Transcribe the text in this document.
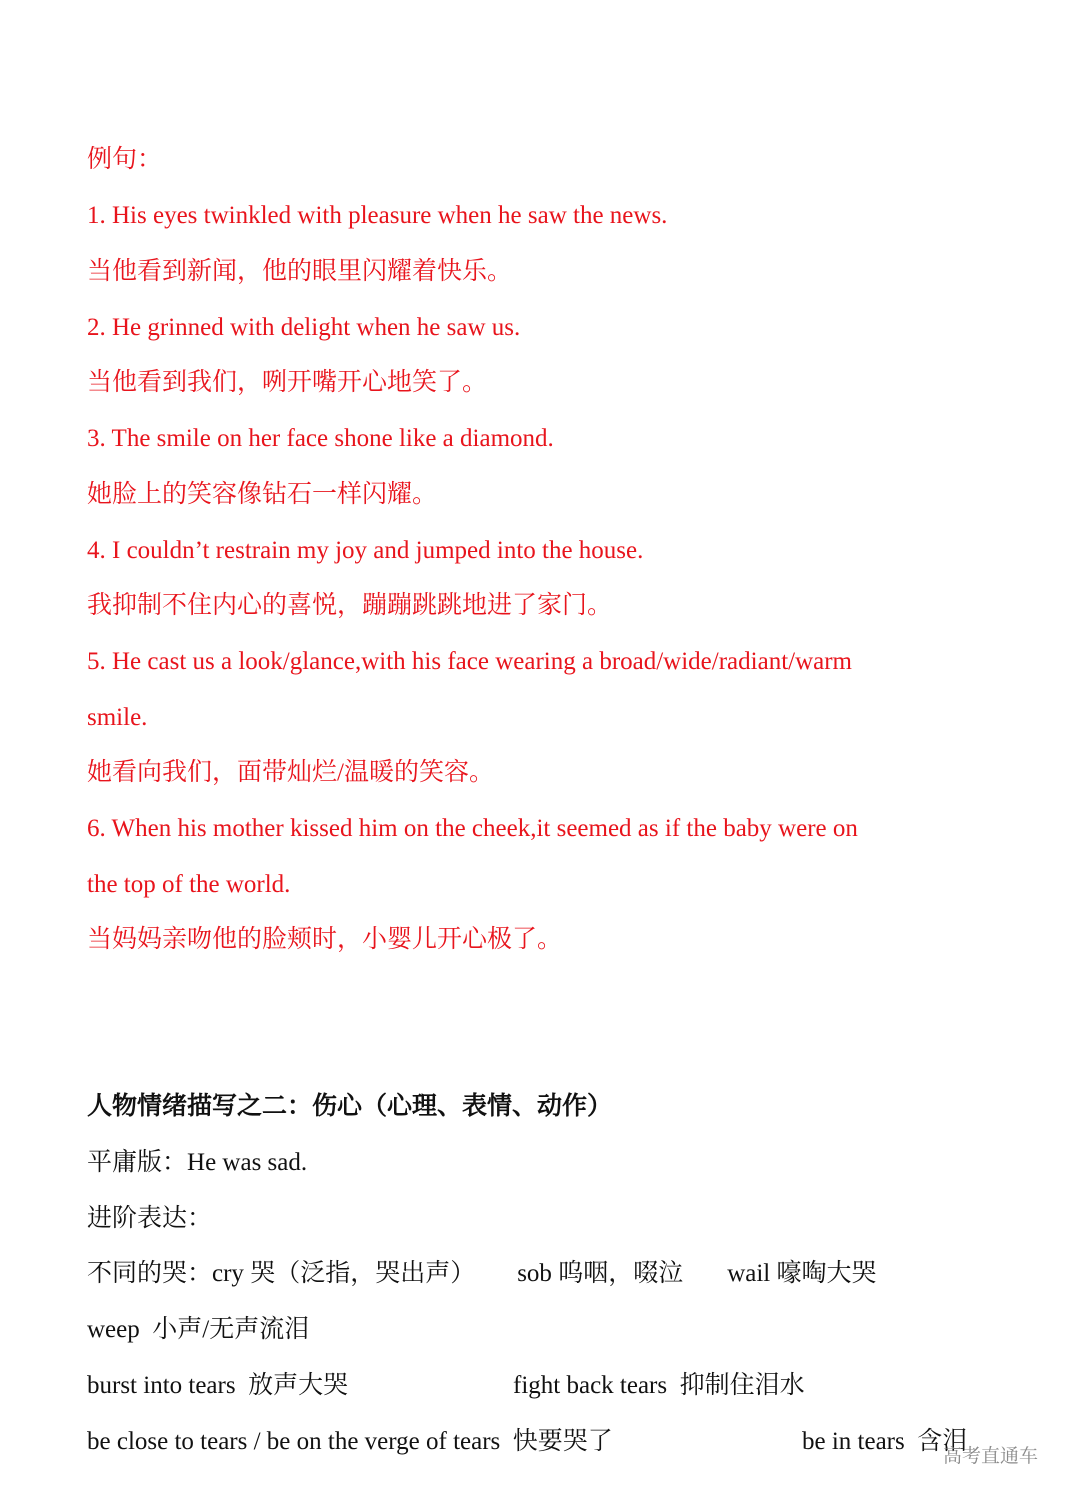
例句：
1. His eyes twinkled with pleasure when he saw the news.
当他看到新闻，他的眼里闪耀着快乐。
2. He grinned with delight when he saw us.
当他看到我们，咧开嘴开心地笑了。
3. The smile on her face shone like a diamond.
她脸上的笑容像钻石一样闪耀。
4. I couldn’t restrain my joy and jumped into the house.
我抑制不住内心的喜悦，蹦蹦跳跳地进了家门。
5. He cast us a look/glance,with his face wearing a broad/wide/radiant/warm
smile.
她看向我们，面带灿烂/温暖的笑容。
6. When his mother kissed him on the cheek,it seemed as if the baby were on
the top of the world.
当妈妈亲吻他的脸颊时，小婴儿开心极了。
人物情绪描写之二：伤心（心理、表情、动作）
平庸版：He was sad.
进阶表达：
不同的哭：cry 哭（泛指，哭出声） sob 呜咽，啜泣 wail 嚎啕大哭
weep 小声/无声流泪
burst into tears 放声大哭	fight back tears 抑制住泪水
be close to tears / be on the verge of tears 快要哭了	be in tears 含泪
高考直通车
